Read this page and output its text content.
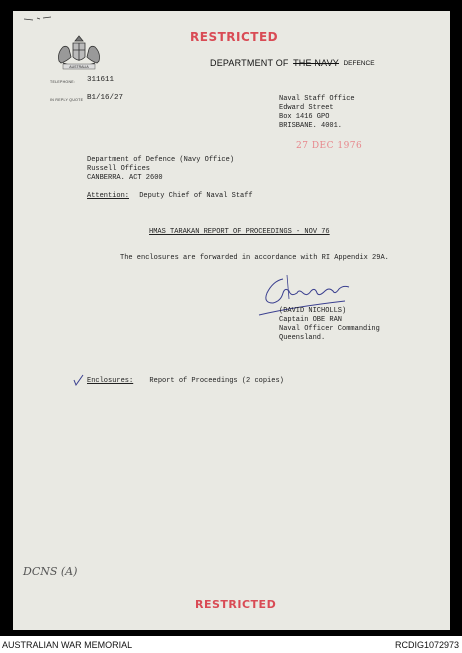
AUSTRALIA
RESTRICTED
DEPARTMENT OF THE NAVY DEFENCE
TELEPHONE: 311611
IN REPLY QUOTE B1/16/27	Naval Staff Office
Edward Street
Box 1416 GPO
BRISBANE. 4001.
27 DEC 1976
Department of Defence (Navy Office)
Russell Offices
CANBERRA. ACT 2600
Attention: Deputy Chief of Naval Staff
HMAS TARAKAN REPORT OF PROCEEDINGS - NOV 76
The enclosures are forwarded in accordance with RI Appendix 29A.
(DAVID NICHOLLS)
Captain OBE RAN
Naval Officer Commanding
Queensland.
Enclosures: Report of Proceedings (2 copies)
DCNS (A)
RESTRICTED
AUSTRALIAN WAR MEMORIAL	RCDIG1072973
